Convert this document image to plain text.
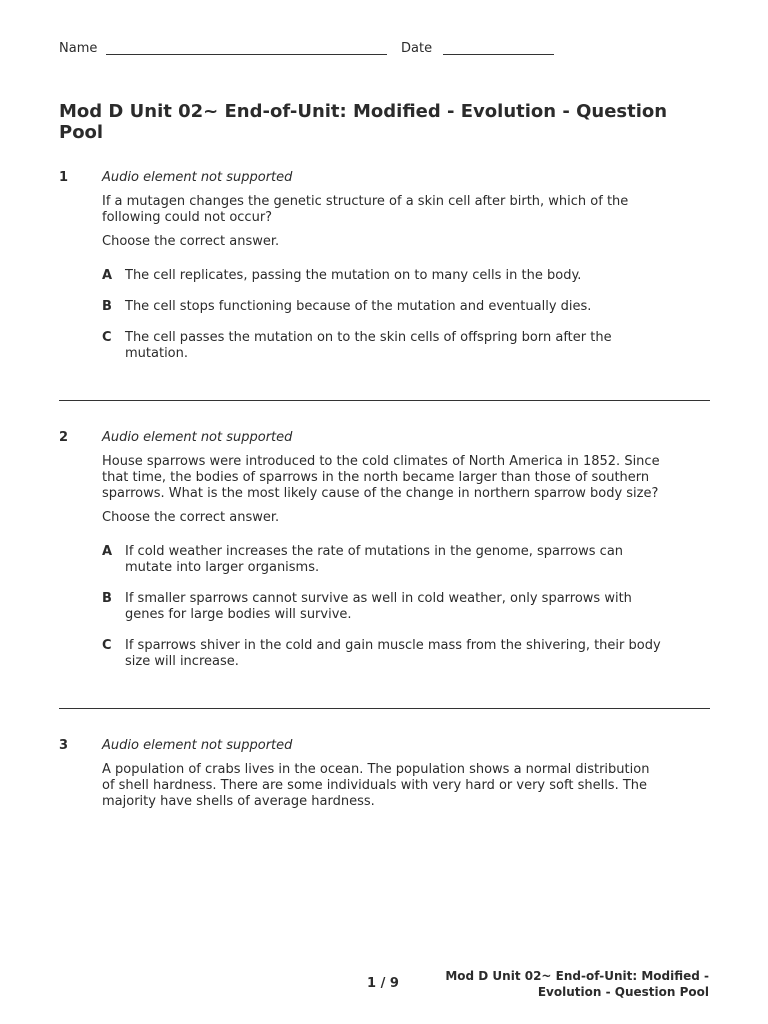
Name	Date
Mod D Unit 02~ End-of-Unit: Modified - Evolution - Question Pool
1	Audio element not supported

If a mutagen changes the genetic structure of a skin cell after birth, which of the following could not occur?

Choose the correct answer.

A The cell replicates, passing the mutation on to many cells in the body.
B The cell stops functioning because of the mutation and eventually dies.
C The cell passes the mutation on to the skin cells of offspring born after the mutation.
2	Audio element not supported

House sparrows were introduced to the cold climates of North America in 1852. Since that time, the bodies of sparrows in the north became larger than those of southern sparrows. What is the most likely cause of the change in northern sparrow body size?

Choose the correct answer.

A If cold weather increases the rate of mutations in the genome, sparrows can mutate into larger organisms.
B If smaller sparrows cannot survive as well in cold weather, only sparrows with genes for large bodies will survive.
C If sparrows shiver in the cold and gain muscle mass from the shivering, their body size will increase.
3	Audio element not supported

A population of crabs lives in the ocean. The population shows a normal distribution of shell hardness. There are some individuals with very hard or very soft shells. The majority have shells of average hardness.

1 / 9	Mod D Unit 02~ End-of-Unit: Modified -
Evolution - Question Pool
